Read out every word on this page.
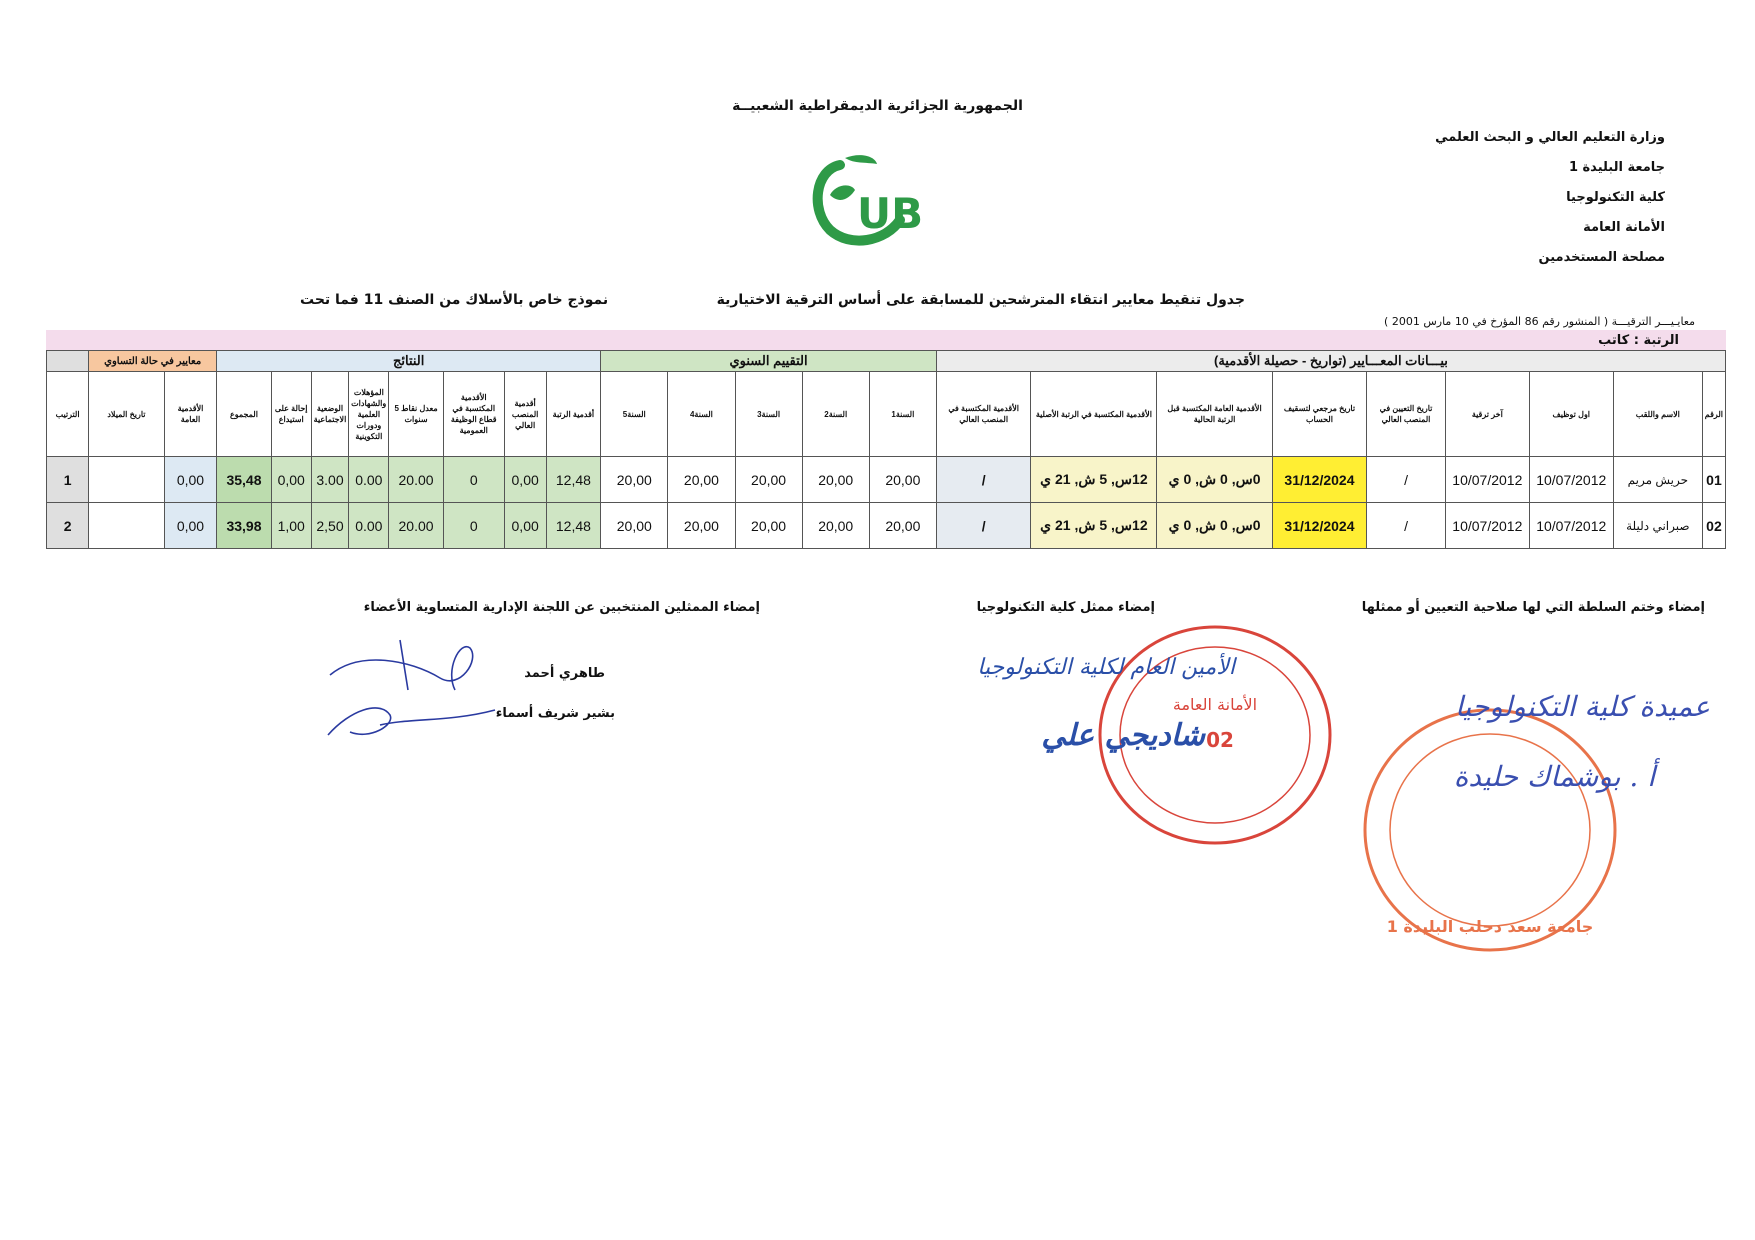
الجمهورية الجزائرية الديمقراطية الشعبيــة
وزارة التعليم العالي و البحث العلمي
جامعة البليدة 1
كلية التكنولوجيا
الأمانة العامة
مصلحة المستخدمين
UB
جدول تنقيط معايير انتقاء المترشحين للمسابقة على أساس الترقية الاختيارية
نموذج خاص بالأسلاك من الصنف 11 فما تحت
معايـيـــر الترقيـــة ( المنشور رقم 86 المؤرخ في 10 مارس 2001 )
الرتبة : كاتب
بيـــانات المعـــايير (تواريخ - حصيلة الأقدمية)									التقييم السنوي					النتائج								معايير في حالة التساوي		
الرقم	الاسم واللقب	اول توظيف	آخر ترقية	تاريخ التعيين في المنصب العالي	تاريخ مرجعي لتسقيف الحساب	الأقدمية العامة المكتسبة قبل الرتبة الحالية	الأقدمية المكتسبة في الرتبة الأصلية	الأقدمية المكتسبة في المنصب العالي	السنة1	السنة2	السنة3	السنة4	السنة5	أقدمية الرتبة	أقدمية المنصب العالي	الأقدمية المكتسبة في قطاع الوظيفة العمومية	معدل نقاط 5 سنوات	المؤهلات والشهادات العلمية ودورات التكوينية	الوضعية الاجتماعية	إحالة على استيداع	المجموع	الأقدمية العامة	تاريخ الميلاد	الترتيب
01	حريش مريم	10/07/2012	10/07/2012	/	31/12/2024	0س, 0 ش, 0 ي	12س, 5 ش, 21 ي	/	20,00	20,00	20,00	20,00	20,00	12,48	0,00	0	20.00	0.00	3.00	0,00	35,48	0,00		1
02	صبراني دليلة	10/07/2012	10/07/2012	/	31/12/2024	0س, 0 ش, 0 ي	12س, 5 ش, 21 ي	/	20,00	20,00	20,00	20,00	20,00	12,48	0,00	0	20.00	0.00	2,50	1,00	33,98	0,00		2
إمضاء وختم السلطة التي لها صلاحية التعيين أو ممثلها
إمضاء ممثل كلية التكنولوجيا
إمضاء الممثلين المنتخبين عن اللجنة الإدارية المتساوية الأعضاء
طاهري أحمد
بشير شريف أسماء
02
الأمانة العامة
الأمين العام لكلية التكنولوجيا
شاديجي علي
جامعة سعد دحلب البليدة 1
عميدة كلية التكنولوجيا
أ . بوشماك حليدة
